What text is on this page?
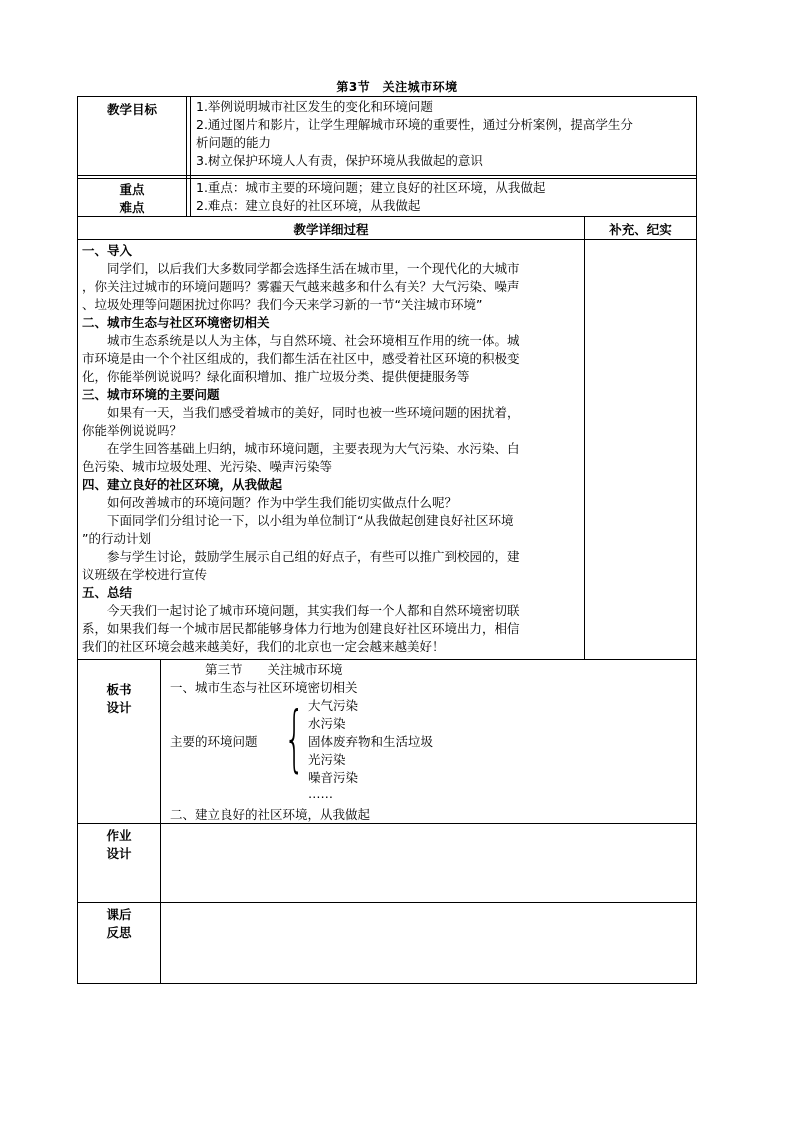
第3节　关注城市环境
教学目标	1.举例说明城市社区发生的变化和环境问题
2.通过图片和影片，让学生理解城市环境的重要性，通过分析案例，提高学生分
析问题的能力
3.树立保护环境人人有责，保护环境从我做起的意识
重点
难点
1.重点：城市主要的环境问题；建立良好的社区环境，从我做起
2.难点：建立良好的社区环境，从我做起
教学详细过程	补充、纪实
一、导入
同学们，以后我们大多数同学都会选择生活在城市里，一个现代化的大城市
，你关注过城市的环境问题吗？雾霾天气越来越多和什么有关？大气污染、噪声
、垃圾处理等问题困扰过你吗？我们今天来学习新的一节“关注城市环境”
二、城市生态与社区环境密切相关
城市生态系统是以人为主体，与自然环境、社会环境相互作用的统一体。城
市环境是由一个个社区组成的，我们都生活在社区中，感受着社区环境的积极变
化，你能举例说说吗？绿化面积增加、推广垃圾分类、提供便捷服务等
三、城市环境的主要问题
如果有一天，当我们感受着城市的美好，同时也被一些环境问题的困扰着，
你能举例说说吗？
在学生回答基础上归纳，城市环境问题，主要表现为大气污染、水污染、白
色污染、城市垃圾处理、光污染、噪声污染等
四、建立良好的社区环境，从我做起
如何改善城市的环境问题？作为中学生我们能切实做点什么呢？
下面同学们分组讨论一下，以小组为单位制订“从我做起创建良好社区环境
”的行动计划
参与学生讨论，鼓励学生展示自己组的好点子，有些可以推广到校园的，建
议班级在学校进行宣传
五、总结
今天我们一起讨论了城市环境问题，其实我们每一个人都和自然环境密切联
系，如果我们每一个城市居民都能够身体力行地为创建良好社区环境出力，相信
我们的社区环境会越来越美好，我们的北京也一定会越来越美好！
板书
设计
第三节　　关注城市环境
一、城市生态与社区环境密切相关
主要的环境问题 { 大气污染
水污染
固体废弃物和生活垃圾
光污染
噪音污染
……
二、建立良好的社区环境，从我做起
作业
设计
课后
反思
